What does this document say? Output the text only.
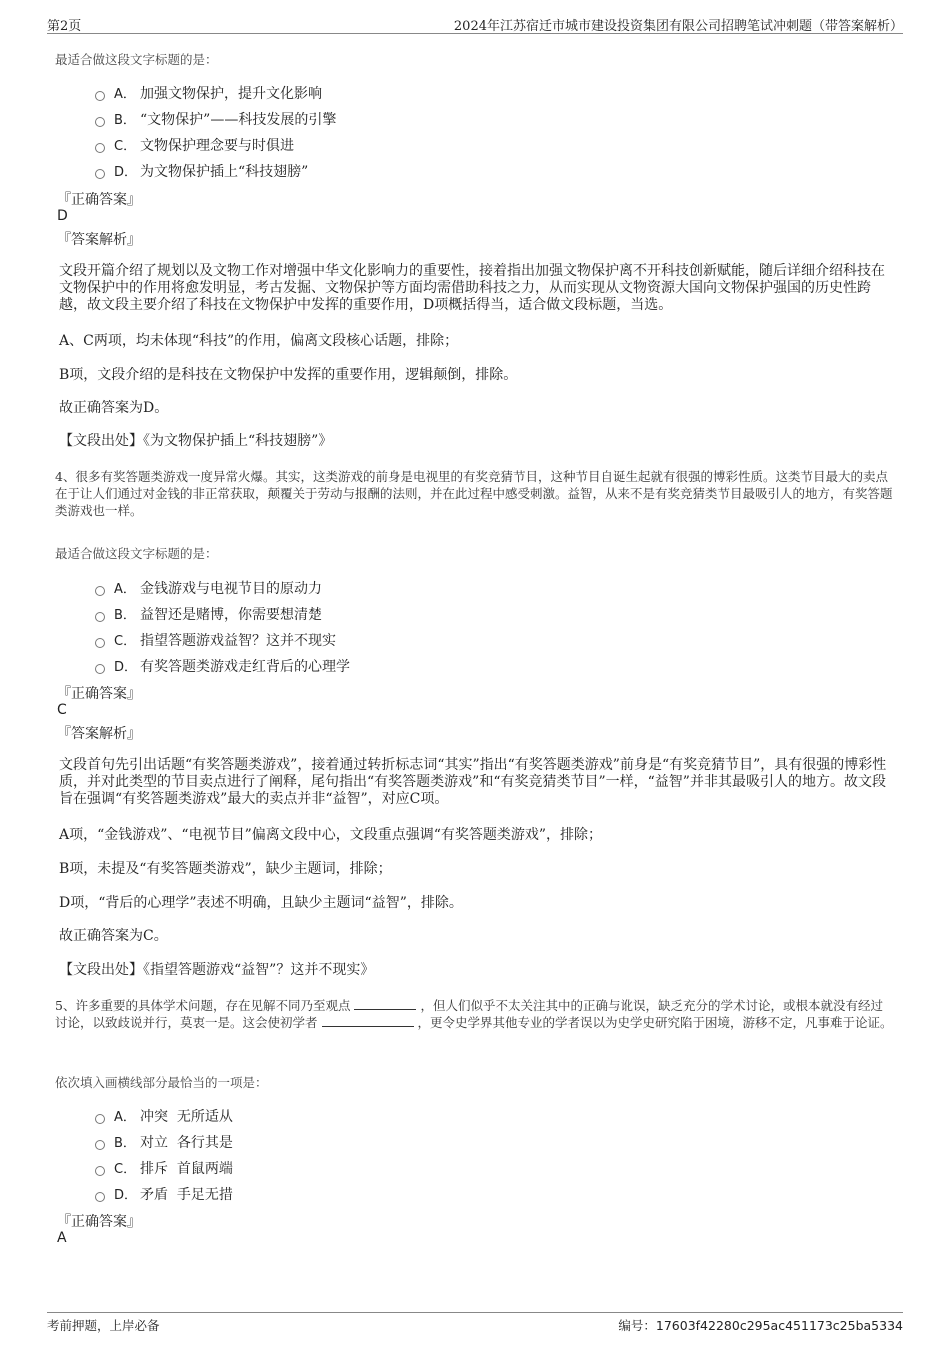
第2页	2024年江苏宿迁市城市建设投资集团有限公司招聘笔试冲刺题（带答案解析）
最适合做这段文字标题的是：
A． 加强文物保护，提升文化影响
B． “文物保护”——科技发展的引擎
C． 文物保护理念要与时俱进
D． 为文物保护插上“科技翅膀”
『正确答案』
D
『答案解析』
文段开篇介绍了规划以及文物工作对增强中华文化影响力的重要性，接着指出加强文物保护离不开科技创新赋能，随后详细介绍科技在文物保护中的作用将愈发明显，考古发掘、文物保护等方面均需借助科技之力，从而实现从文物资源大国向文物保护强国的历史性跨越，故文段主要介绍了科技在文物保护中发挥的重要作用，D项概括得当，适合做文段标题，当选。
A、C两项，均未体现“科技”的作用，偏离文段核心话题，排除；
B项，文段介绍的是科技在文物保护中发挥的重要作用，逻辑颠倒，排除。
故正确答案为D。
【文段出处】《为文物保护插上“科技翅膀”》
4、很多有奖答题类游戏一度异常火爆。其实，这类游戏的前身是电视里的有奖竞猜节目，这种节目自诞生起就有很强的博彩性质。这类节目最大的卖点在于让人们通过对金钱的非正常获取，颠覆关于劳动与报酬的法则，并在此过程中感受刺激。益智，从来不是有奖竞猜类节目最吸引人的地方，有奖答题类游戏也一样。
最适合做这段文字标题的是：
A． 金钱游戏与电视节目的原动力
B． 益智还是赌博，你需要想清楚
C． 指望答题游戏益智？这并不现实
D． 有奖答题类游戏走红背后的心理学
『正确答案』
C
『答案解析』
文段首句先引出话题“有奖答题类游戏”，接着通过转折标志词“其实”指出“有奖答题类游戏”前身是“有奖竞猜节目”，具有很强的博彩性质，并对此类型的节目卖点进行了阐释，尾句指出“有奖答题类游戏”和“有奖竞猜类节目”一样，“益智”并非其最吸引人的地方。故文段旨在强调“有奖答题类游戏”最大的卖点并非“益智”，对应C项。
A项，“金钱游戏”、“电视节目”偏离文段中心，文段重点强调“有奖答题类游戏”，排除；
B项，未提及“有奖答题类游戏”，缺少主题词，排除；
D项，“背后的心理学”表述不明确，且缺少主题词“益智”，排除。
故正确答案为C。
【文段出处】《指望答题游戏“益智”？这并不现实》
5、许多重要的具体学术问题，存在见解不同乃至观点	，但人们似乎不太关注其中的正确与讹误，缺乏充分的学术讨论，或根本就没有经过讨论，以致歧说并行，莫衷一是。这会使初学者	，更令史学界其他专业的学者误以为史学史研究陷于困境，游移不定，凡事难于论证。
依次填入画横线部分最恰当的一项是：
A． 冲突  无所适从
B． 对立  各行其是
C． 排斥  首鼠两端
D． 矛盾  手足无措
『正确答案』
A
考前押题，上岸必备	编号：17603f42280c295ac451173c25ba5334
